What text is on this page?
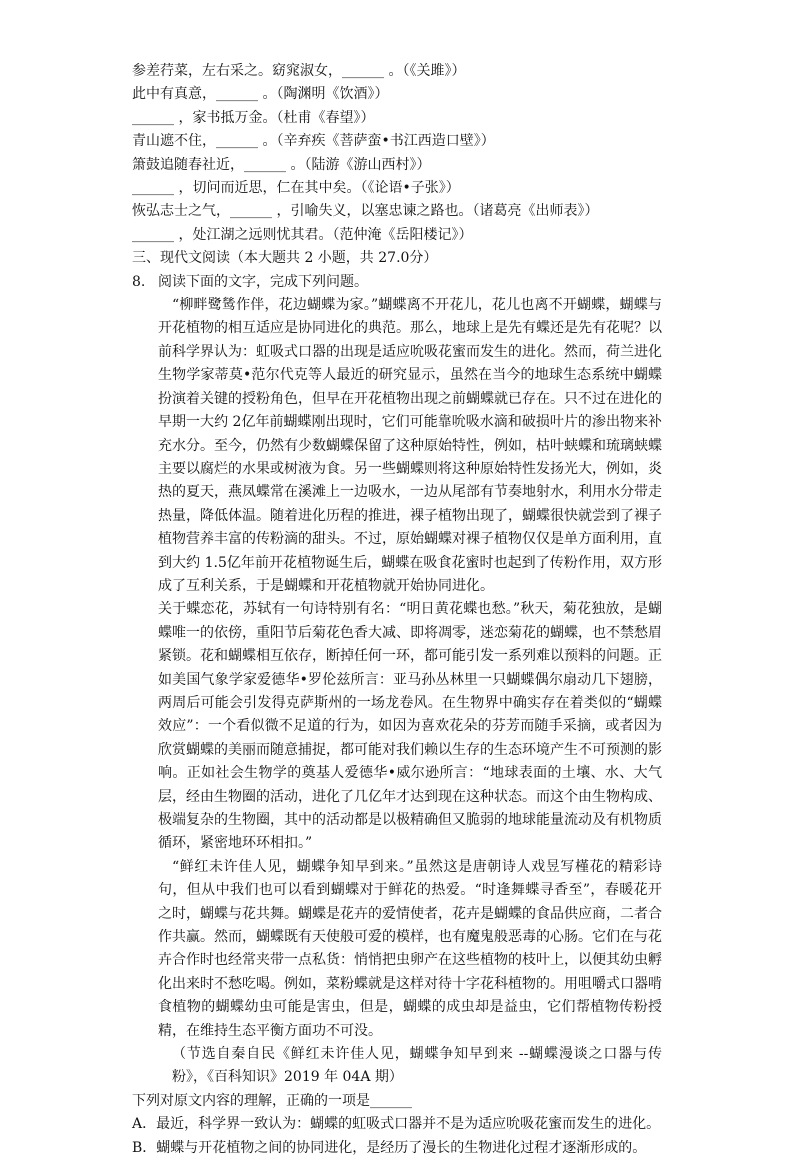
参差荇菜，左右采之。窈窕淑女，______ 。（《关雎》）
此中有真意，______ 。（陶渊明《饮酒》）
______ ，家书抵万金。（杜甫《春望》）
青山遮不住，______ 。（辛弃疾《菩萨蛮•书江西造口壁》）
箫鼓追随春社近，______ 。（陆游《游山西村》）
______ ，切问而近思，仁在其中矣。（《论语•子张》）
恢弘志士之气，______ ，引喻失义，以塞忠谏之路也。（诸葛亮《出师表》）
______ ，处江湖之远则忧其君。（范仲淹《岳阳楼记》）
三、现代文阅读（本大题共 2 小题，共 27.0分）
8. 阅读下面的文字，完成下列问题。

“柳畔鹭鸶作伴，花边蝴蝶为家。”蝴蝶离不开花儿，花儿也离不开蝴蝶，蝴蝶与开花植物的相互适应是协同进化的典范。那么，地球上是先有蝶还是先有花呢？以前科学界认为：虹吸式口器的出现是适应吮吸花蜜而发生的进化。然而，荷兰进化生物学家蒂莫•范尔代克等人最近的研究显示，虽然在当今的地球生态系统中蝴蝶扮演着关键的授粉角色，但早在开花植物出现之前蝴蝶就已存在。只不过在进化的早期一大约 2亿年前蝴蝶刚出现时，它们可能靠吮吸水滴和破损叶片的渗出物来补充水分。至今，仍然有少数蝴蝶保留了这种原始特性，例如，枯叶蛱蝶和琉璃蛱蝶主要以腐烂的水果或树液为食。另一些蝴蝶则将这种原始特性发扬光大，例如，炎热的夏天，燕凤蝶常在溪滩上一边吸水，一边从尾部有节奏地射水，利用水分带走热量，降低体温。随着进化历程的推进，裸子植物出现了，蝴蝶很快就尝到了裸子植物营养丰富的传粉滴的甜头。不过，原始蝴蝶对裸子植物仅仅是单方面利用，直到大约 1.5亿年前开花植物诞生后，蝴蝶在吸食花蜜时也起到了传粉作用，双方形成了互利关系，于是蝴蝶和开花植物就开始协同进化。

关于蝶恋花，苏轼有一句诗特别有名：“明日黄花蝶也愁。”秋天，菊花独放，是蝴蝶唯一的依傍，重阳节后菊花色香大减、即将凋零，迷恋菊花的蝴蝶，也不禁愁眉紧锁。花和蝴蝶相互依存，断掉任何一环，都可能引发一系列难以预料的问题。正如美国气象学家爱德华•罗伦兹所言：亚马孙丛林里一只蝴蝶偶尔扇动几下翅膀，两周后可能会引发得克萨斯州的一场龙卷风。在生物界中确实存在着类似的“蝴蝶效应”：一个看似微不足道的行为，如因为喜欢花朵的芬芳而随手采摘，或者因为欣赏蝴蝶的美丽而随意捕捉，都可能对我们赖以生存的生态环境产生不可预测的影响。正如社会生物学的奠基人爱德华•威尔逊所言：“地球表面的土壤、水、大气层，经由生物圈的活动，进化了几亿年才达到现在这种状态。而这个由生物构成、极端复杂的生物圈，其中的活动都是以极精确但又脆弱的地球能量流动及有机物质循环，紧密地环环相扣。”

“鲜红未许佳人见，蝴蝶争知早到来。”虽然这是唐朝诗人戏昱写槿花的精彩诗句，但从中我们也可以看到蝴蝶对于鲜花的热爱。“时逢舞蝶寻香至”，春暖花开之时，蝴蝶与花共舞。蝴蝶是花卉的爱情使者，花卉是蝴蝶的食品供应商，二者合作共赢。然而，蝴蝶既有天使般可爱的模样，也有魔鬼般恶毒的心肠。它们在与花卉合作时也经常夹带一点私货：悄悄把虫卵产在这些植物的枝叶上，以便其幼虫孵化出来时不愁吃喝。例如，菜粉蝶就是这样对待十字花科植物的。用咀嚼式口器啃食植物的蝴蝶幼虫可能是害虫，但是，蝴蝶的成虫却是益虫，它们帮植物传粉授精，在维持生态平衡方面功不可没。

（节选自秦自民《鲜红未许佳人见，蝴蝶争知早到来 --蝴蝶漫谈之口器与传粉》，《百科知识》2019 年 04A 期）

下列对原文内容的理解，正确的一项是______
A．最近，科学界一致认为：蝴蝶的虹吸式口器并不是为适应吮吸花蜜而发生的进化。
B．蝴蝶与开花植物之间的协同进化，是经历了漫长的生物进化过程才逐渐形成的。
